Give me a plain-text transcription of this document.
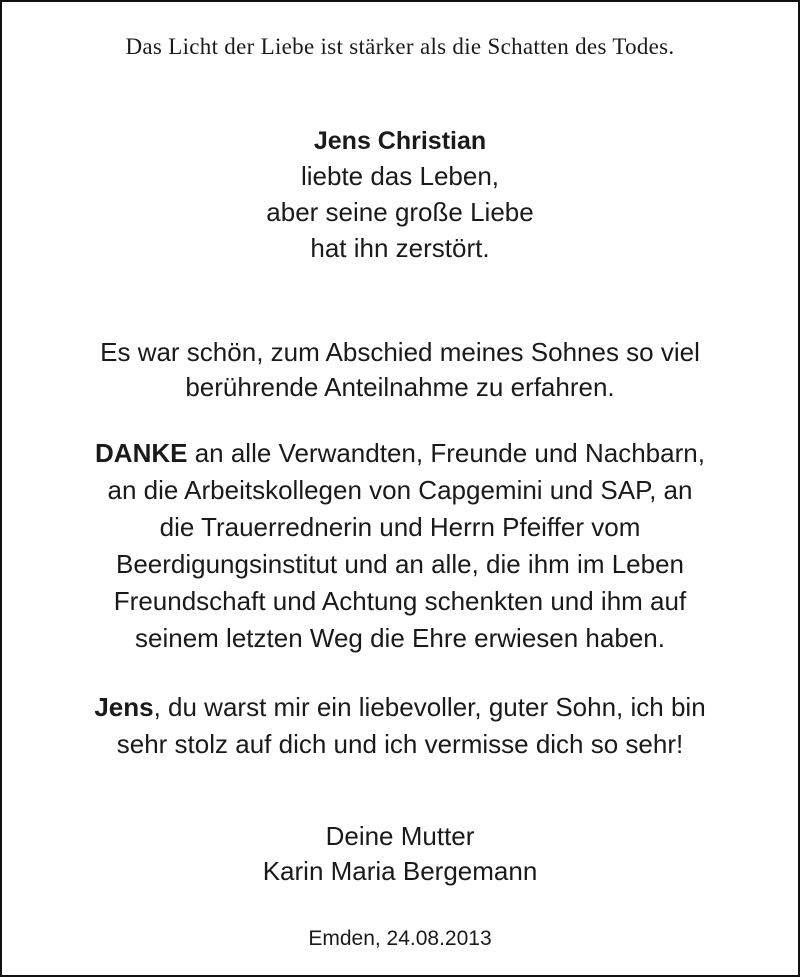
Das Licht der Liebe ist stärker als die Schatten des Todes.
Jens Christian
liebte das Leben,
aber seine große Liebe
hat ihn zerstört.
Es war schön, zum Abschied meines Sohnes so viel
berührende Anteilnahme zu erfahren.
DANKE an alle Verwandten, Freunde und Nachbarn,
an die Arbeitskollegen von Capgemini und SAP, an
die Trauerrednerin und Herrn Pfeiffer vom
Beerdigungsinstitut und an alle, die ihm im Leben
Freundschaft und Achtung schenkten und ihm auf
seinem letzten Weg die Ehre erwiesen haben.
Jens, du warst mir ein liebevoller, guter Sohn, ich bin
sehr stolz auf dich und ich vermisse dich so sehr!
Deine Mutter
Karin Maria Bergemann
Emden, 24.08.2013
